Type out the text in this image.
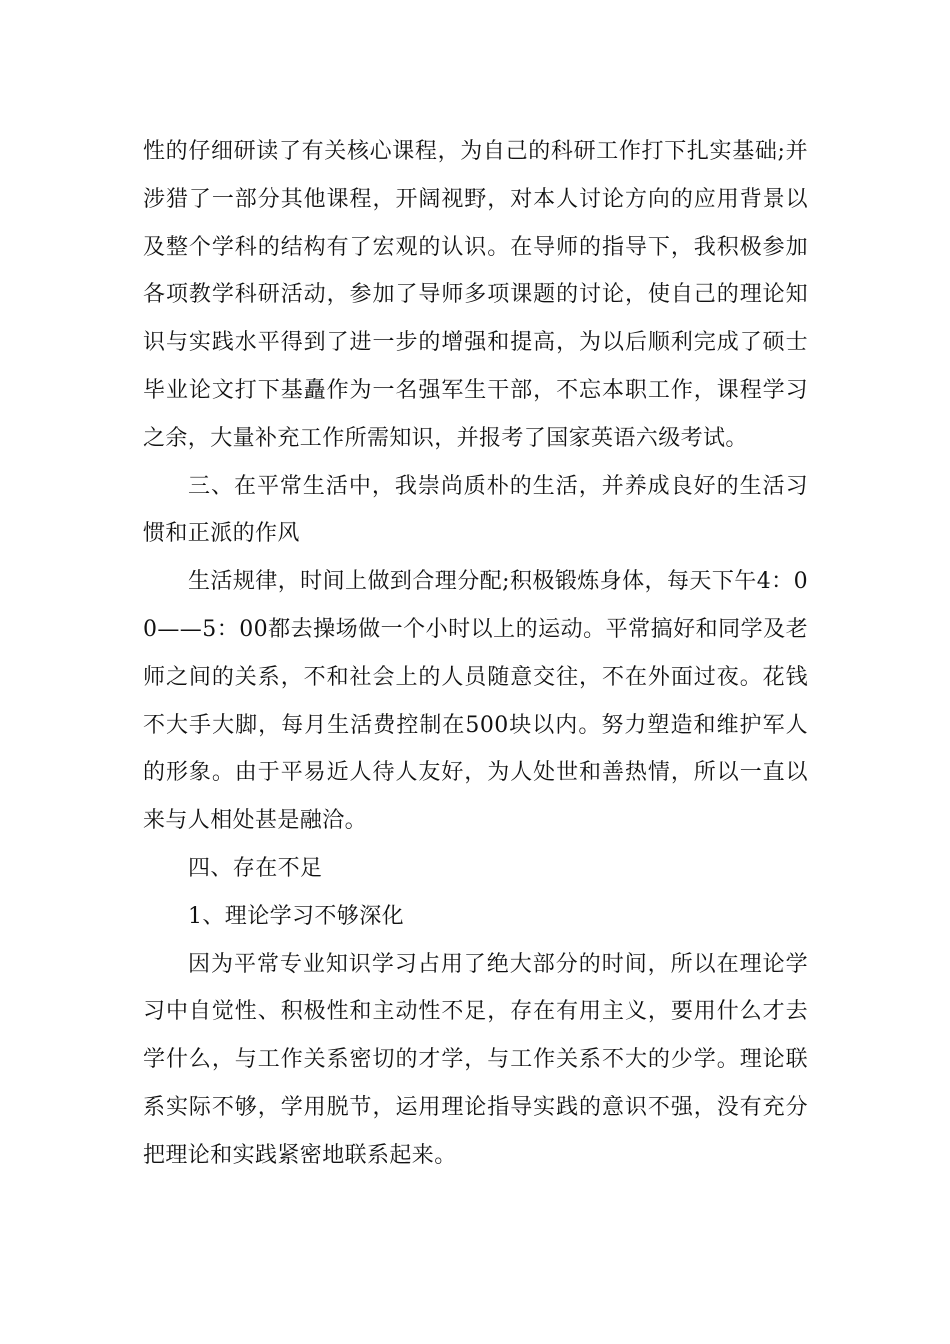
性的仔细研读了有关核心课程，为自己的科研工作打下扎实基础;并涉猎了一部分其他课程，开阔视野，对本人讨论方向的应用背景以及整个学科的结构有了宏观的认识。在导师的指导下，我积极参加各项教学科研活动，参加了导师多项课题的讨论，使自己的理论知识与实践水平得到了进一步的增强和提高，为以后顺利完成了硕士毕业论文打下基矗作为一名强军生干部，不忘本职工作，课程学习之余，大量补充工作所需知识，并报考了国家英语六级考试。

三、在平常生活中，我崇尚质朴的生活，并养成良好的生活习惯和正派的作风

生活规律，时间上做到合理分配;积极锻炼身体，每天下午4：00——5：00都去操场做一个小时以上的运动。平常搞好和同学及老师之间的关系，不和社会上的人员随意交往，不在外面过夜。花钱不大手大脚，每月生活费控制在500块以内。努力塑造和维护军人的形象。由于平易近人待人友好，为人处世和善热情，所以一直以来与人相处甚是融洽。

四、存在不足

1、理论学习不够深化

因为平常专业知识学习占用了绝大部分的时间，所以在理论学习中自觉性、积极性和主动性不足，存在有用主义，要用什么才去学什么，与工作关系密切的才学，与工作关系不大的少学。理论联系实际不够，学用脱节，运用理论指导实践的意识不强，没有充分把理论和实践紧密地联系起来。
